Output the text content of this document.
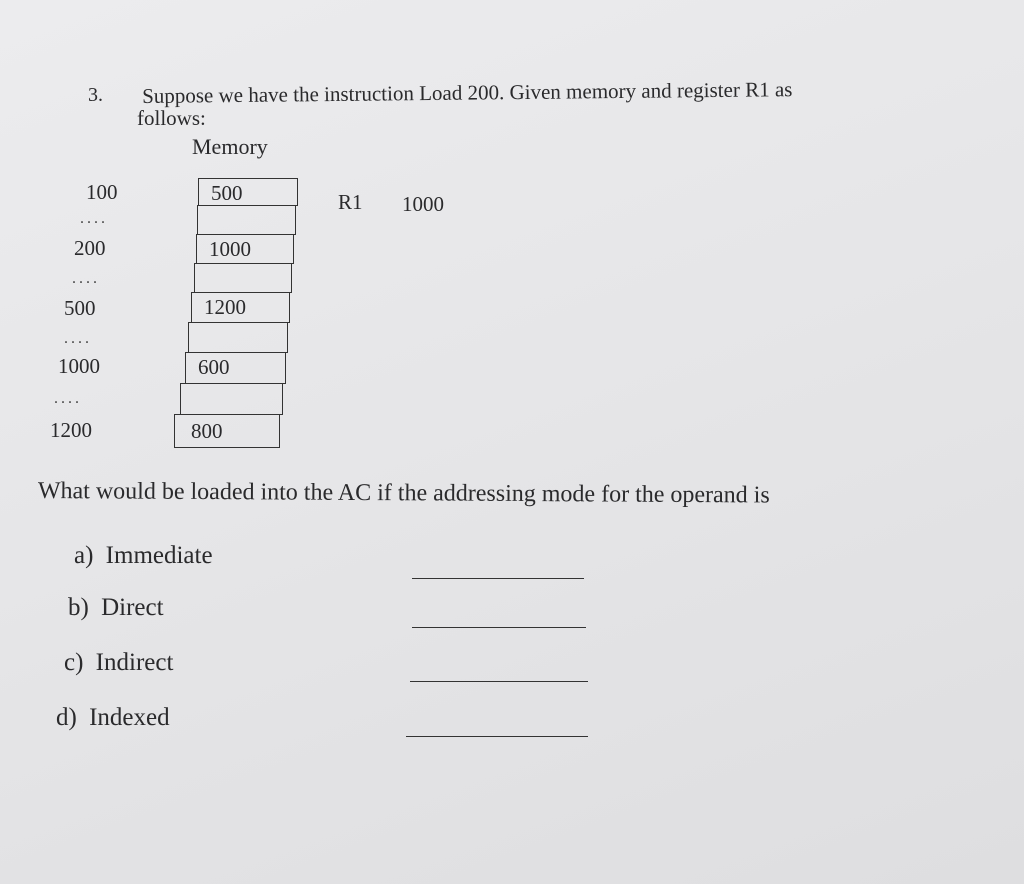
3. Suppose we have the instruction Load 200. Given memory and register R1 as
follows:
Memory
100
....
200
....
500
....
1000
....
1200
500
1000
1200
600
800
R1 1000
What would be loaded into the AC if the addressing mode for the operand is
a) Immediate
b) Direct
c) Indirect
d) Indexed
